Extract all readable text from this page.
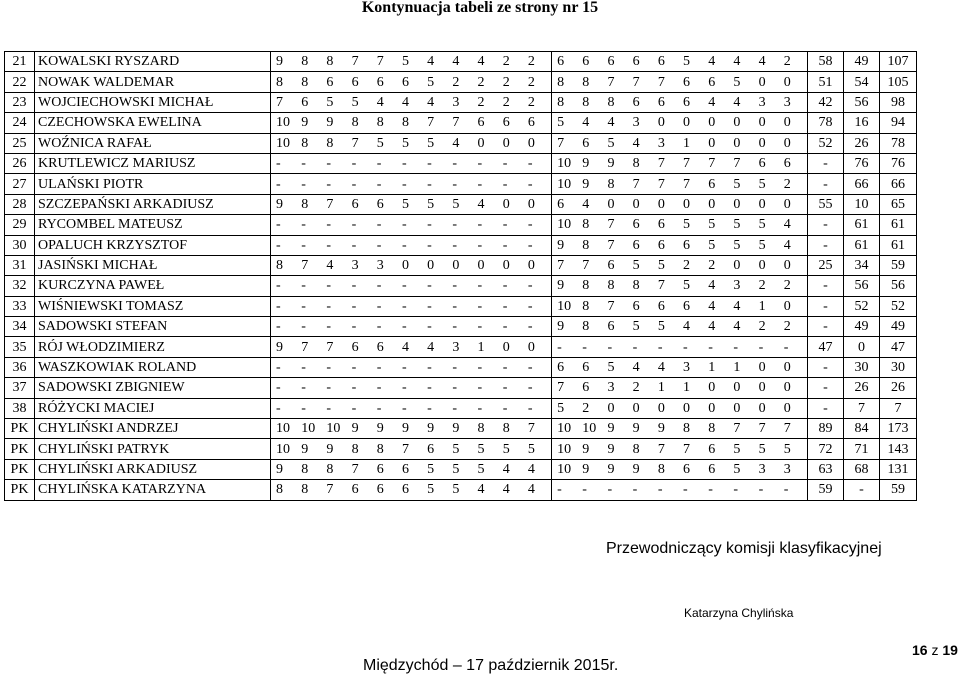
Kontynuacja tabeli ze strony nr 15
21	KOWALSKI RYSZARD	9	8	8	7	7	5	4	4	4	2	2	6	6	6	6	6	5	4	4	4	2	58	49	107
22	NOWAK WALDEMAR	8	8	6	6	6	6	5	2	2	2	2	8	8	7	7	7	6	6	5	0	0	51	54	105
23	WOJCIECHOWSKI MICHAŁ	7	6	5	5	4	4	4	3	2	2	2	8	8	8	6	6	6	4	4	3	3	42	56	98
24	CZECHOWSKA EWELINA	10	9	9	8	8	8	7	7	6	6	6	5	4	4	3	0	0	0	0	0	0	78	16	94
25	WOŹNICA RAFAŁ	10	8	8	7	5	5	5	4	0	0	0	7	6	5	4	3	1	0	0	0	0	52	26	78
26	KRUTLEWICZ MARIUSZ	-	-	-	-	-	-	-	-	-	-	-	10	9	9	8	7	7	7	7	6	6	-	76	76
27	ULAŃSKI PIOTR	-	-	-	-	-	-	-	-	-	-	-	10	9	8	7	7	7	6	5	5	2	-	66	66
28	SZCZEPAŃSKI ARKADIUSZ	9	8	7	6	6	5	5	5	4	0	0	6	4	0	0	0	0	0	0	0	0	55	10	65
29	RYCOMBEL MATEUSZ	-	-	-	-	-	-	-	-	-	-	-	10	8	7	6	6	5	5	5	5	4	-	61	61
30	OPALUCH KRZYSZTOF	-	-	-	-	-	-	-	-	-	-	-	9	8	7	6	6	6	5	5	5	4	-	61	61
31	JASIŃSKI MICHAŁ	8	7	4	3	3	0	0	0	0	0	0	7	7	6	5	5	2	2	0	0	0	25	34	59
32	KURCZYNA PAWEŁ	-	-	-	-	-	-	-	-	-	-	-	9	8	8	8	7	5	4	3	2	2	-	56	56
33	WIŚNIEWSKI TOMASZ	-	-	-	-	-	-	-	-	-	-	-	10	8	7	6	6	6	4	4	1	0	-	52	52
34	SADOWSKI STEFAN	-	-	-	-	-	-	-	-	-	-	-	9	8	6	5	5	4	4	4	2	2	-	49	49
35	RÓJ WŁODZIMIERZ	9	7	7	6	6	4	4	3	1	0	0	-	-	-	-	-	-	-	-	-	-	47	0	47
36	WASZKOWIAK ROLAND	-	-	-	-	-	-	-	-	-	-	-	6	6	5	4	4	3	1	1	0	0	-	30	30
37	SADOWSKI ZBIGNIEW	-	-	-	-	-	-	-	-	-	-	-	7	6	3	2	1	1	0	0	0	0	-	26	26
38	RÓŻYCKI MACIEJ	-	-	-	-	-	-	-	-	-	-	-	5	2	0	0	0	0	0	0	0	0	-	7	7
PK	CHYLIŃSKI ANDRZEJ	10	10	10	9	9	9	9	9	8	8	7	10	10	9	9	9	8	8	7	7	7	89	84	173
PK	CHYLIŃSKI PATRYK	10	9	9	8	8	7	6	5	5	5	5	10	9	9	8	7	7	6	5	5	5	72	71	143
PK	CHYLIŃSKI ARKADIUSZ	9	8	8	7	6	6	5	5	5	4	4	10	9	9	9	8	6	6	5	3	3	63	68	131
PK	CHYLIŃSKA KATARZYNA	8	8	7	6	6	6	5	5	4	4	4	-	-	-	-	-	-	-	-	-	-	59	-	59
Przewodniczący komisji klasyfikacyjnej
Katarzyna Chylińska
16 z 19
Międzychód – 17 październik 2015r.
